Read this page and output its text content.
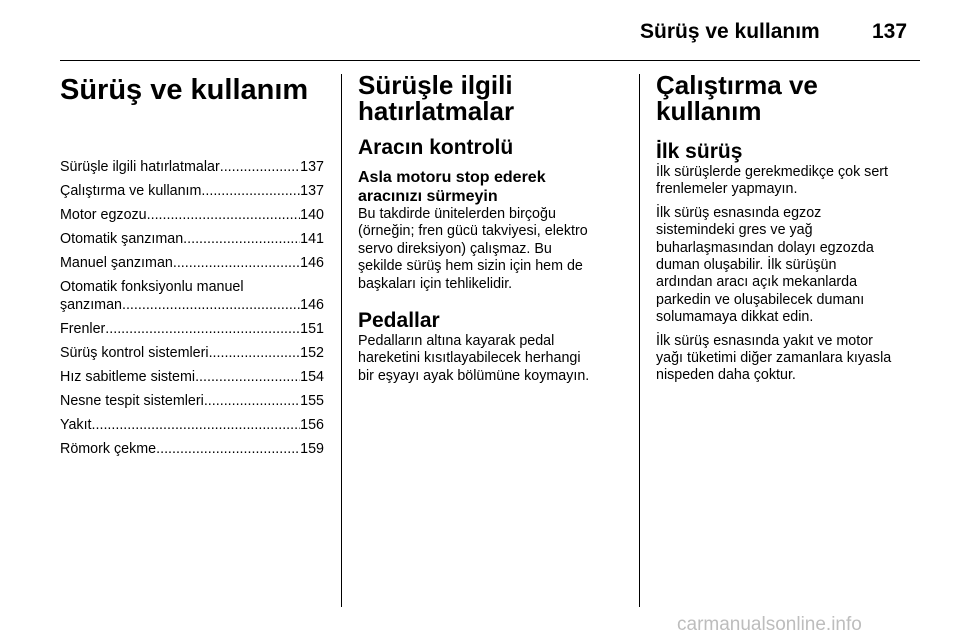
Sürüş ve kullanım 137
Sürüş ve kullanım
Sürüşle ilgili hatırlatmalar .....	137
Çalıştırma ve kullanım .....	137
Motor egzozu .....	140
Otomatik şanzıman .....	141
Manuel şanzıman .....	146
Otomatik fonksiyonlu manuel
şanzıman .....	146
Frenler .....	151
Sürüş kontrol sistemleri .....	152
Hız sabitleme sistemi .....	154
Nesne tespit sistemleri .....	155
Yakıt .....	156
Römork çekme .....	159
Sürüşle ilgili
hatırlatmalar
Aracın kontrolü
Asla motoru stop ederek
aracınızı sürmeyin
Bu takdirde ünitelerden birçoğu
(örneğin; fren gücü takviyesi, elektro
servo direksiyon) çalışmaz. Bu
şekilde sürüş hem sizin için hem de
başkaları için tehlikelidir.
Pedallar
Pedalların altına kayarak pedal
hareketini kısıtlayabilecek herhangi
bir eşyayı ayak bölümüne koymayın.
Çalıştırma ve kullanım
İlk sürüş
İlk sürüşlerde gerekmedikçe çok sert
frenlemeler yapmayın.
İlk sürüş esnasında egzoz
sistemindeki gres ve yağ
buharlaşmasından dolayı egzozda
duman oluşabilir. İlk sürüşün
ardından aracı açık mekanlarda
parkedin ve oluşabilecek dumanı
solumamaya dikkat edin.
İlk sürüş esnasında yakıt ve motor
yağı tüketimi diğer zamanlara kıyasla
nispeden daha çoktur.
carmanualsonline.info
